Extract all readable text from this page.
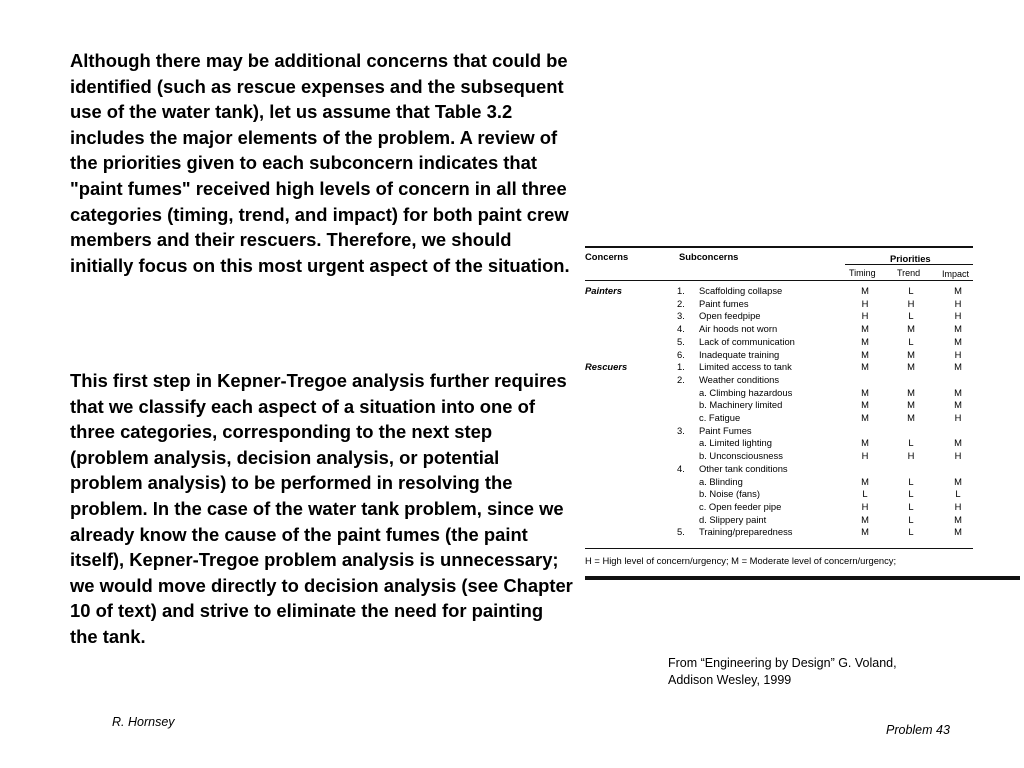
Although there may be additional concerns that could be identified (such as rescue expenses and the subsequent use of the water tank), let us assume that Table 3.2 includes the major elements of the problem. A review of the priorities given to each subconcern indicates that "paint fumes" received high levels of concern in all three categories (timing, trend, and impact) for both paint crew members and their rescuers. Therefore, we should initially focus on this most urgent aspect of the situation.
This first step in Kepner-Tregoe analysis further requires that we classify each aspect of a situation into one of three categories, corresponding to the next step (problem analysis, decision analysis, or potential problem analysis) to be performed in resolving the problem. In the case of the water tank problem, since we already know the cause of the paint fumes (the paint itself), Kepner-Tregoe problem analysis is unnecessary; we would move directly to decision analysis (see Chapter 10 of text) and strive to eliminate the need for painting the tank.
Concerns	Subconcerns	Priorities
Timing Trend Impact
Painters	1. Scaffolding collapse	M	L	M
2. Paint fumes	H	H	H
3. Open feedpipe	H	L	H
4. Air hoods not worn	M	M	M
5. Lack of communication	M	L	M
6. Inadequate training	M	M	H
Rescuers	1. Limited access to tank	M	M	M
2. Weather conditions
a. Climbing hazardous	M	M	M
b. Machinery limited	M	M	M
c. Fatigue	M	M	H
3. Paint Fumes
a. Limited lighting	M	L	M
b. Unconsciousness	H	H	H
4. Other tank conditions
a. Blinding	M	L	M
b. Noise (fans)	L	L	L
c. Open feeder pipe	H	L	H
d. Slippery paint	M	L	M
5. Training/preparedness	M	L	M
H = High level of concern/urgency; M = Moderate level of concern/urgency;
From “Engineering by Design” G. Voland,
Addison Wesley, 1999
R. Hornsey
Problem 43
